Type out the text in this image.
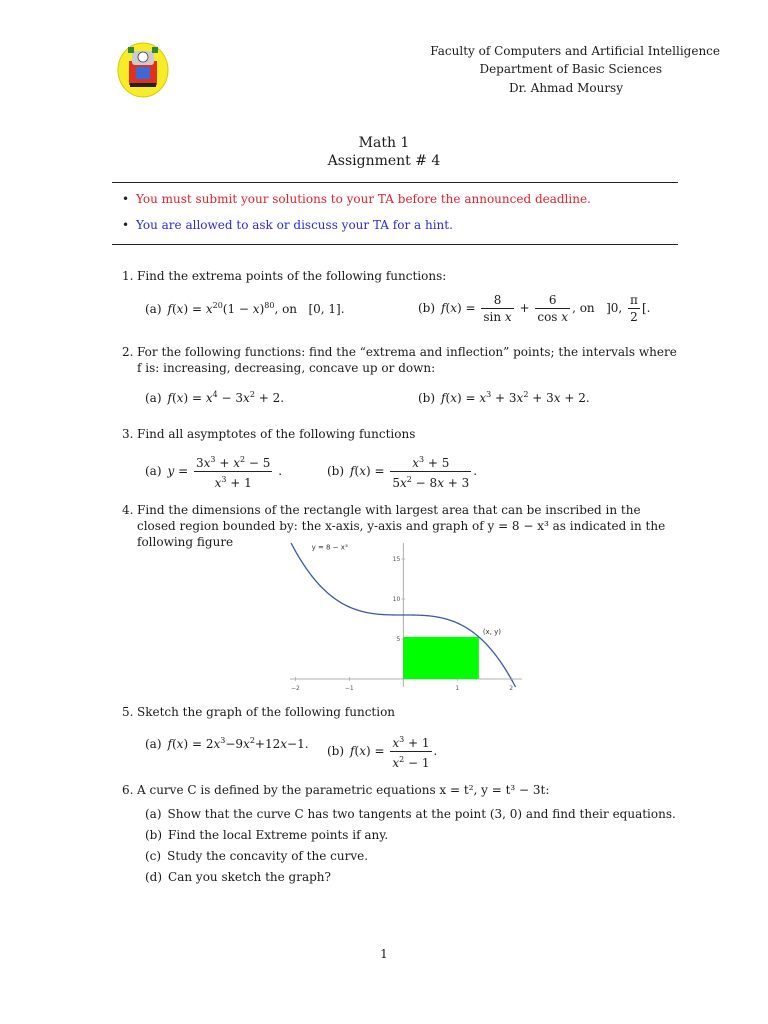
Faculty of Computers and Artificial Intelligence
Department of Basic Sciences
Dr. Ahmad Moursy
Math 1
Assignment # 4
• You must submit your solutions to your TA before the announced deadline.
• You are allowed to ask or discuss your TA for a hint.
1. Find the extrema points of the following functions:
(a) $f(x) = x^{20}(1 - x)^{80}$, on   [0, 1].	(b) $f(x) = \frac{8}{\text{sin x}} + \frac{6}{\text{cos x}}$ , on   ]0, $\frac{\pi}{2}$ [.
2. For the following functions: find the “extrema and inflection” points; the intervals where f is: increasing, decreasing, concave up or down:
(a) $f(x) = x^4 - 3x^2 + 2$.	(b) $f(x) = x^3 + 3x^2 + 3x + 2$.
3. Find all asymptotes of the following functions
(a) $y = \frac{3x^3 + x^2 - 5}{x^3 + 1}$ .	(b) $f(x) = \frac{x^3 + 5}{5x^2 - 8x + 3}$ .
4. Find the dimensions of the rectangle with largest area that can be inscribed in the closed region bounded by: the x-axis, y-axis and graph of y = 8 − x³ as indicated in the following figure
−2	−1	1	2
5
10
15
y = 8 − x³
(x, y)
5. Sketch the graph of the following function
(a) $f(x) = 2x^3-9x^2+12x-1$. (b) $f(x) = \frac{x^3 + 1}{x^2 - 1}$ .
6. A curve C is defined by the parametric equations x = t², y = t³ − 3t:
(a) Show that the curve C has two tangents at the point (3, 0) and find their equations.
(b) Find the local Extreme points if any.
(c) Study the concavity of the curve.
(d) Can you sketch the graph?
1
